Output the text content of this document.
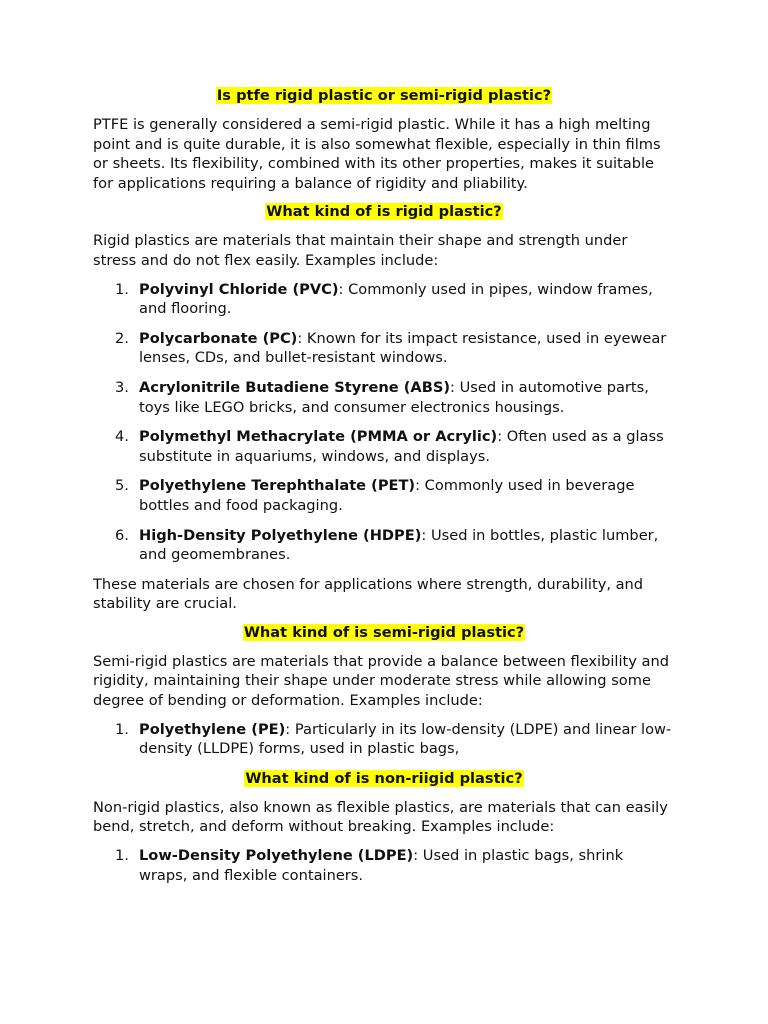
Is ptfe rigid plastic or semi-rigid plastic?

PTFE is generally considered a semi-rigid plastic. While it has a high melting point and is quite durable, it is also somewhat flexible, especially in thin films or sheets. Its flexibility, combined with its other properties, makes it suitable for applications requiring a balance of rigidity and pliability.

What kind of is rigid plastic?

Rigid plastics are materials that maintain their shape and strength under stress and do not flex easily. Examples include:

1. Polyvinyl Chloride (PVC): Commonly used in pipes, window frames, and flooring.
2. Polycarbonate (PC): Known for its impact resistance, used in eyewear lenses, CDs, and bullet-resistant windows.
3. Acrylonitrile Butadiene Styrene (ABS): Used in automotive parts, toys like LEGO bricks, and consumer electronics housings.
4. Polymethyl Methacrylate (PMMA or Acrylic): Often used as a glass substitute in aquariums, windows, and displays.
5. Polyethylene Terephthalate (PET): Commonly used in beverage bottles and food packaging.
6. High-Density Polyethylene (HDPE): Used in bottles, plastic lumber, and geomembranes.

These materials are chosen for applications where strength, durability, and stability are crucial.

What kind of is semi-rigid plastic?

Semi-rigid plastics are materials that provide a balance between flexibility and rigidity, maintaining their shape under moderate stress while allowing some degree of bending or deformation. Examples include:

1. Polyethylene (PE): Particularly in its low-density (LDPE) and linear low-density (LLDPE) forms, used in plastic bags,
What kind of is non-riigid plastic?

Non-rigid plastics, also known as flexible plastics, are materials that can easily bend, stretch, and deform without breaking. Examples include:

1. Low-Density Polyethylene (LDPE): Used in plastic bags, shrink wraps, and flexible containers.
